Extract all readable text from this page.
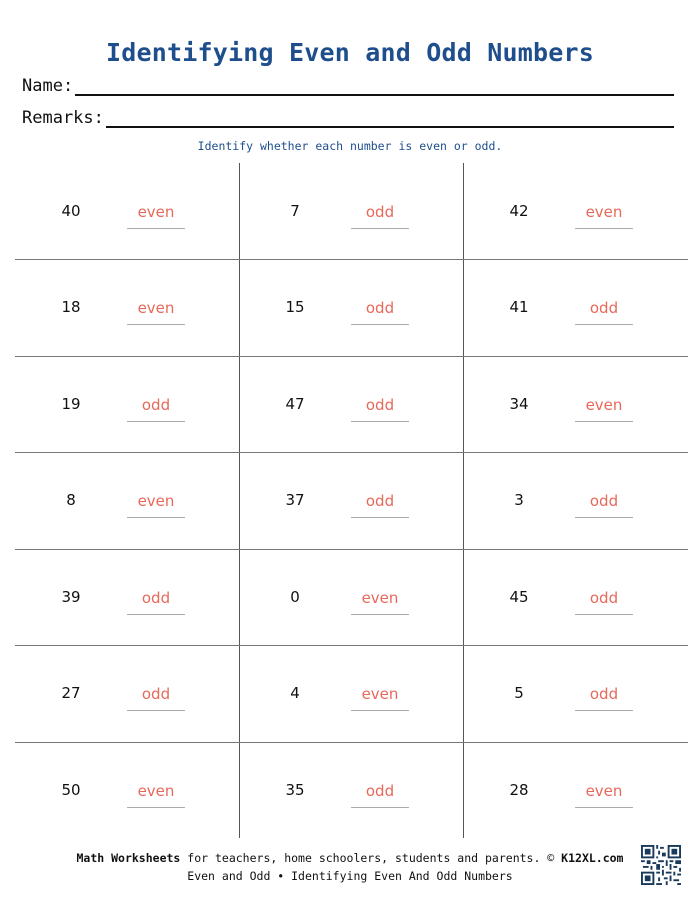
Identifying Even and Odd Numbers
Name:
Remarks:
Identify whether each number is even or odd.
40	even	7	odd	42	even
18	even	15	odd	41	odd
19	odd	47	odd	34	even
8	even	37	odd	3	odd
39	odd	0	even	45	odd
27	odd	4	even	5	odd
50	even	35	odd	28	even
Math Worksheets for teachers, home schoolers, students and parents. © K12XL.com
Even and Odd • Identifying Even And Odd Numbers
